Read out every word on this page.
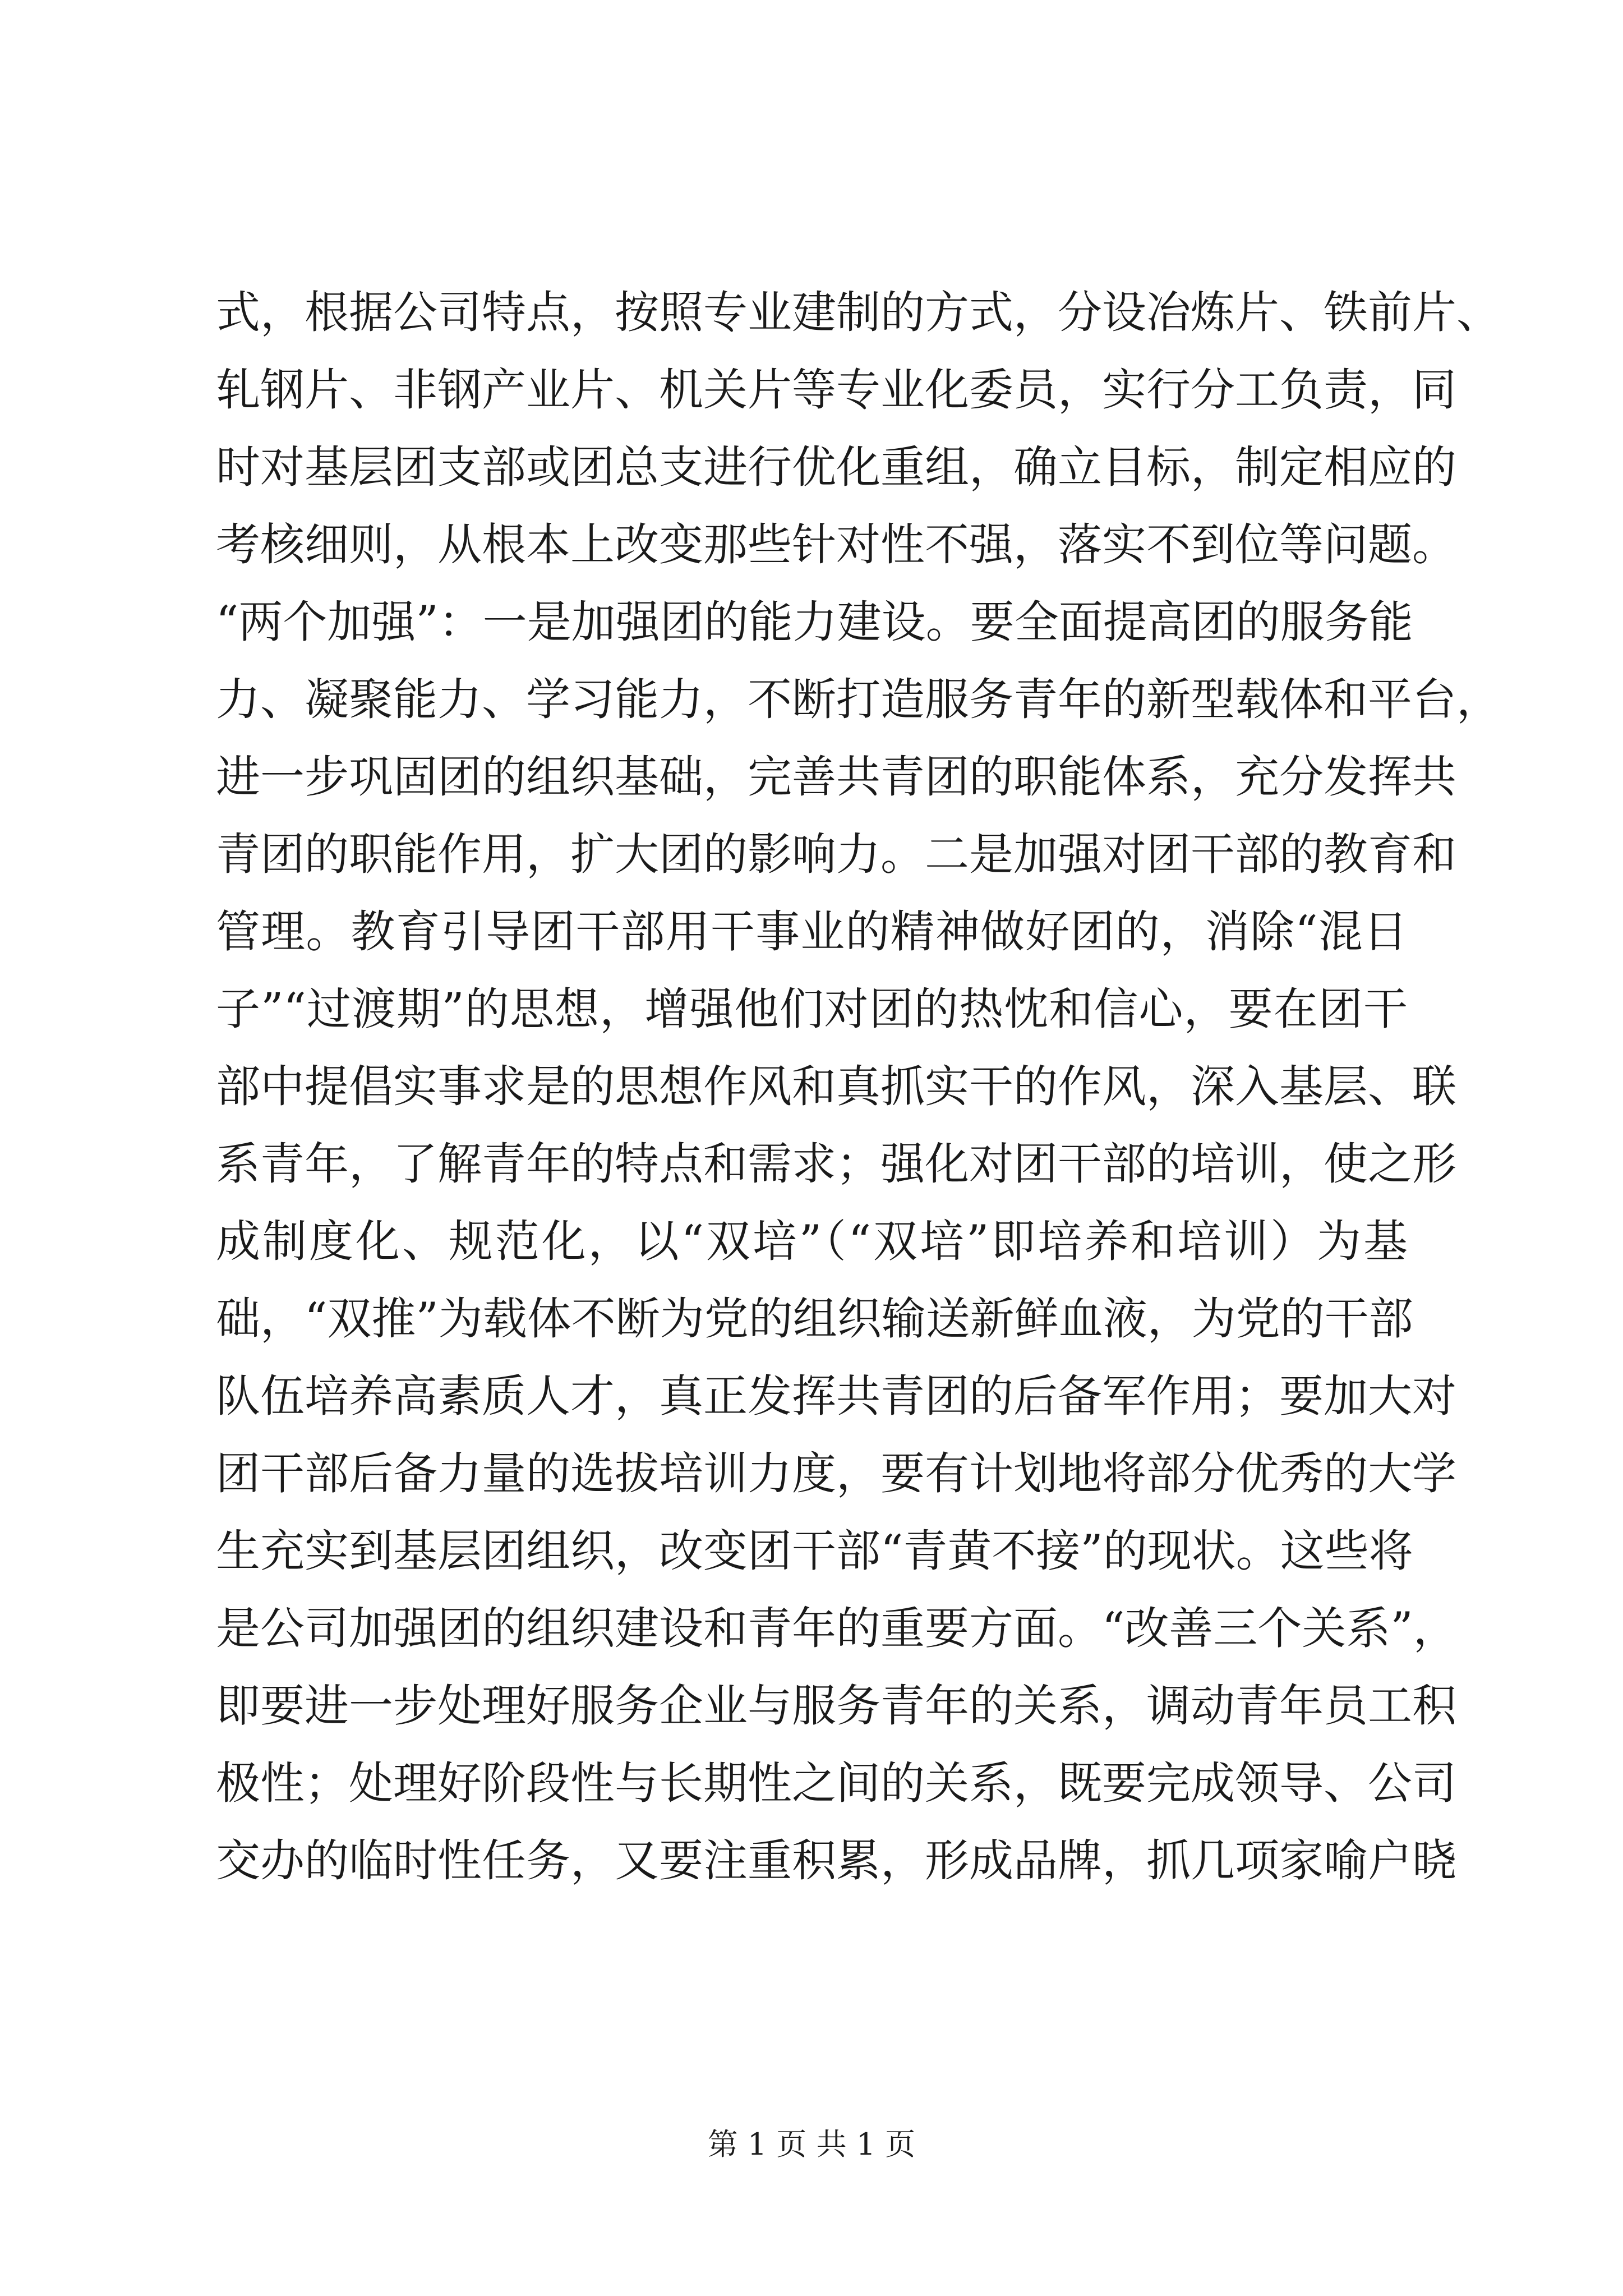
式，根据公司特点，按照专业建制的方式，分设冶炼片、铁前片、
轧钢片、非钢产业片、机关片等专业化委员，实行分工负责，同
时对基层团支部或团总支进行优化重组，确立目标，制定相应的
考核细则，从根本上改变那些针对性不强，落实不到位等问题。
“两个加强”：一是加强团的能力建设。要全面提高团的服务能
力、凝聚能力、学习能力，不断打造服务青年的新型载体和平台，
进一步巩固团的组织基础，完善共青团的职能体系，充分发挥共
青团的职能作用，扩大团的影响力。二是加强对团干部的教育和
管理。教育引导团干部用干事业的精神做好团的，消除“混日
子”“过渡期”的思想，增强他们对团的热忱和信心，要在团干
部中提倡实事求是的思想作风和真抓实干的作风，深入基层、联
系青年，了解青年的特点和需求；强化对团干部的培训，使之形
成制度化、规范化，以“双培”（“双培”即培养和培训）为基
础，“双推”为载体不断为党的组织输送新鲜血液，为党的干部
队伍培养高素质人才，真正发挥共青团的后备军作用；要加大对
团干部后备力量的选拔培训力度，要有计划地将部分优秀的大学
生充实到基层团组织，改变团干部“青黄不接”的现状。这些将
是公司加强团的组织建设和青年的重要方面。“改善三个关系”，
即要进一步处理好服务企业与服务青年的关系，调动青年员工积
极性；处理好阶段性与长期性之间的关系，既要完成领导、公司
交办的临时性任务，又要注重积累，形成品牌，抓几项家喻户晓
第 1 页 共 1 页
